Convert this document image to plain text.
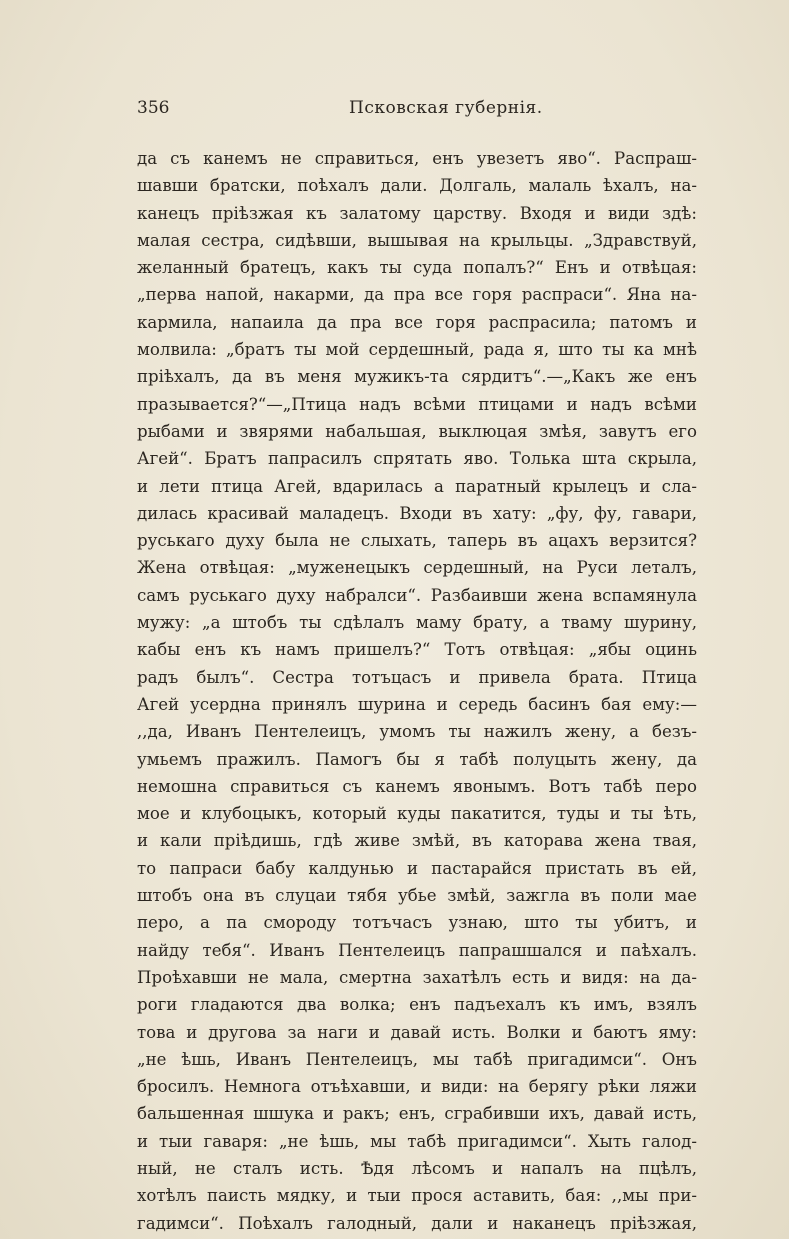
356	Псковская губернія.
да съ канемъ не справиться, енъ увезетъ яво“. Распраш-
шавши братски, поѣхалъ дали. Долгаль, малаль ѣхалъ, на-
канецъ пріѣзжая къ залатому царству. Входя и види здѣ:
малая сестра, сидѣвши, вышывая на крыльцы. „Здравствуй,
желанный братецъ, какъ ты суда попалъ?“ Енъ и отвѣцая:
„перва напой, накарми, да пра все горя распраси“. Яна на-
кармила, напаила да пра все горя распрасила; патомъ и
молвила: „братъ ты мой сердешный, рада я, што ты ка мнѣ
пріѣхалъ, да въ меня мужикъ-та сярдитъ“.—„Какъ же енъ
празывается?“—„Птица надъ всѣми птицами и надъ всѣми
рыбами и звярями набальшая, выклюцая змѣя, завутъ его
Агей“. Братъ папрасилъ спрятать яво. Толька шта скрыла,
и лети птица Агей, вдарилась а паратный крылецъ и сла-
дилась красивай маладецъ. Входи въ хату: „фу, фу, гавари,
руськаго духу была не слыхать, таперь въ ацахъ верзится?
Жена отвѣцая: „муженецыкъ сердешный, на Руси леталъ,
самъ руськаго духу набралси“. Разбаивши жена вспамянула
мужу: „а штобъ ты сдѣлалъ маму брату, а тваму шурину,
кабы енъ къ намъ пришелъ?“ Тотъ отвѣцая: „ябы оцинь
радъ былъ“. Сестра тотъцасъ и привела брата. Птица
Агей усердна принялъ шурина и середь басинъ бая ему:—
,,да, Иванъ Пентелеицъ, умомъ ты нажилъ жену, а безъ-
умьемъ пражилъ. Памогъ бы я табѣ полуцыть жену, да
немошна справиться съ канемъ явонымъ. Вотъ табѣ перо
мое и клубоцыкъ, который куды пакатится, туды и ты ѣть,
и кали пріѣдишь, гдѣ живе змѣй, въ каторава жена твая,
то папраси бабу калдунью и пастарайся пристать въ ей,
штобъ она въ слуцаи тябя убье змѣй, зажгла въ поли мае
перо, а па смороду тотъчасъ узнаю, што ты убитъ, и
найду тебя“. Иванъ Пентелеицъ папрашшался и паѣхалъ.
Проѣхавши не мала, смертна захатѣлъ есть и видя: на да-
роги гладаются два волка; енъ падъехалъ къ имъ, взялъ
това и другова за наги и давай исть. Волки и баютъ яму:
„не ѣшь, Иванъ Пентелеицъ, мы табѣ пригадимси“. Онъ
бросилъ. Немнога отъѣхавши, и види: на берягу рѣки ляжи
бальшенная шшука и ракъ; енъ, сграбивши ихъ, давай исть,
и тыи гаваря: „не ѣшь, мы табѣ пригадимси“. Хыть галод-
ный, не сталъ исть. Ѣдя лѣсомъ и напалъ на пцѣлъ,
хотѣлъ паисть мядку, и тыи прося аставить, бая: ,,мы при-
гадимси“. Поѣхалъ галодный, дали и наканецъ пріѣзжая,
